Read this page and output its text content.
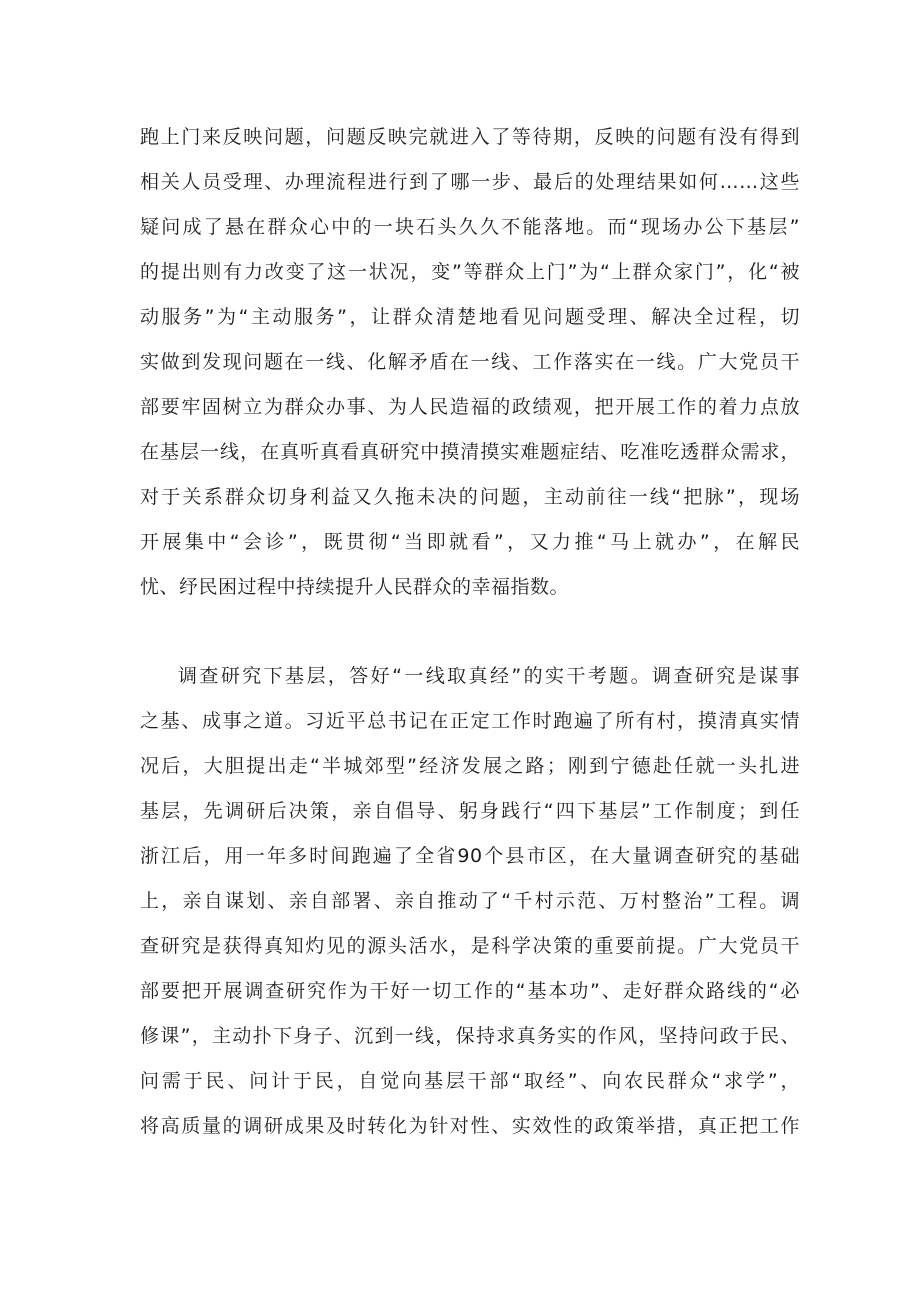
跑上门来反映问题，问题反映完就进入了等待期，反映的问题有没有得到
相关人员受理、办理流程进行到了哪一步、最后的处理结果如何……这些
疑问成了悬在群众心中的一块石头久久不能落地。而“现场办公下基层”
的提出则有力改变了这一状况，变”等群众上门”为“上群众家门”，化“被
动服务”为“主动服务”，让群众清楚地看见问题受理、解决全过程，切
实做到发现问题在一线、化解矛盾在一线、工作落实在一线。广大党员干
部要牢固树立为群众办事、为人民造福的政绩观，把开展工作的着力点放
在基层一线，在真听真看真研究中摸清摸实难题症结、吃准吃透群众需求，
对于关系群众切身利益又久拖未决的问题，主动前往一线“把脉”，现场
开展集中“会诊”，既贯彻“当即就看”，又力推“马上就办”，在解民
忧、纾民困过程中持续提升人民群众的幸福指数。
调查研究下基层，答好“一线取真经”的实干考题。调查研究是谋事
之基、成事之道。习近平总书记在正定工作时跑遍了所有村，摸清真实情
况后，大胆提出走“半城郊型”经济发展之路；刚到宁德赴任就一头扎进
基层，先调研后决策，亲自倡导、躬身践行“四下基层”工作制度；到任
浙江后，用一年多时间跑遍了全省90个县市区，在大量调查研究的基础
上，亲自谋划、亲自部署、亲自推动了“千村示范、万村整治”工程。调
查研究是获得真知灼见的源头活水，是科学决策的重要前提。广大党员干
部要把开展调查研究作为干好一切工作的“基本功”、走好群众路线的“必
修课”，主动扑下身子、沉到一线，保持求真务实的作风，坚持问政于民、
问需于民、问计于民，自觉向基层干部“取经”、向农民群众“求学”，
将高质量的调研成果及时转化为针对性、实效性的政策举措，真正把工作
